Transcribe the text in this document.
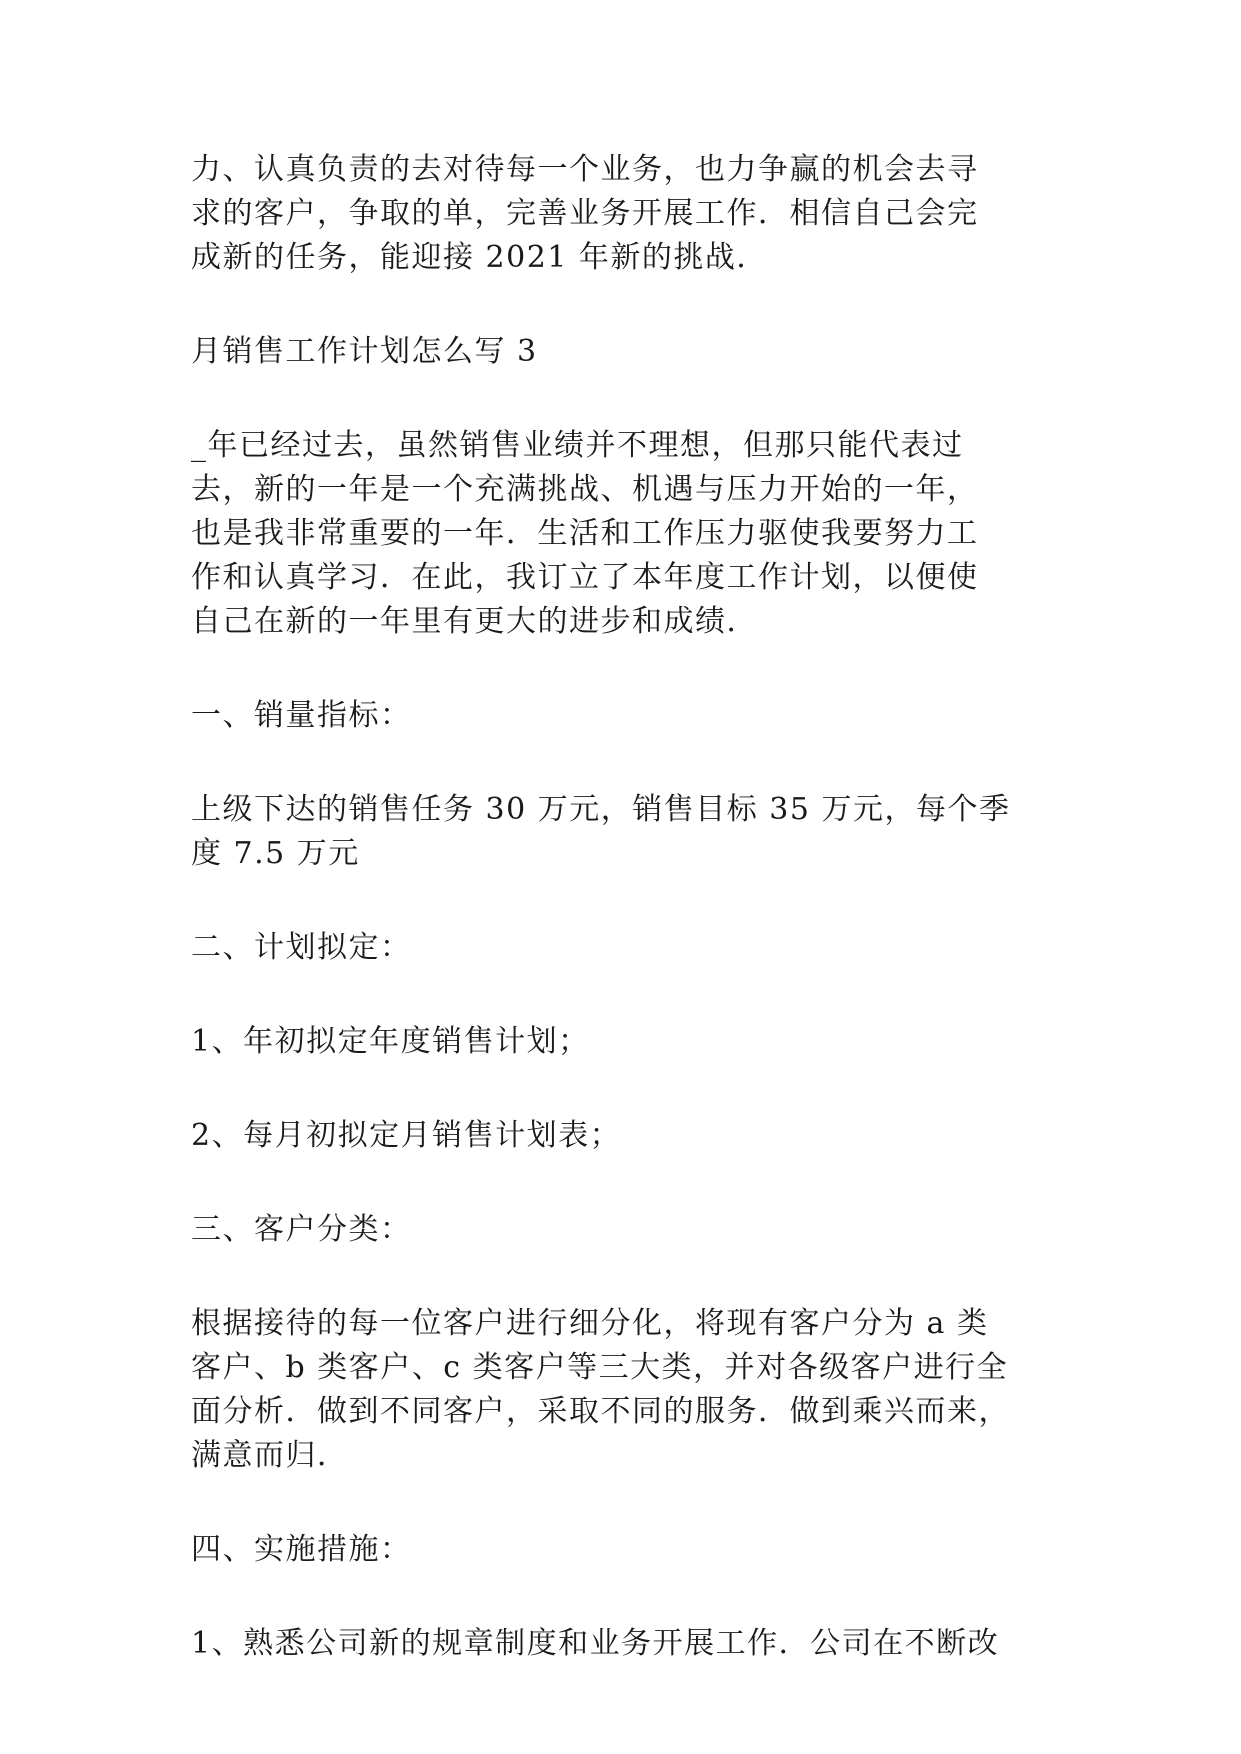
力、认真负责的去对待每一个业务，也力争赢的机会去寻
求的客户，争取的单，完善业务开展工作．相信自己会完
成新的任务，能迎接 2021 年新的挑战．

月销售工作计划怎么写 3

_年已经过去，虽然销售业绩并不理想，但那只能代表过
去，新的一年是一个充满挑战、机遇与压力开始的一年，
也是我非常重要的一年．生活和工作压力驱使我要努力工
作和认真学习．在此，我订立了本年度工作计划，以便使
自己在新的一年里有更大的进步和成绩．

一、销量指标：

上级下达的销售任务 30 万元，销售目标 35 万元，每个季
度 7.5 万元

二、计划拟定：

1、年初拟定年度销售计划；

2、每月初拟定月销售计划表；

三、客户分类：

根据接待的每一位客户进行细分化，将现有客户分为 a 类
客户、b 类客户、c 类客户等三大类，并对各级客户进行全
面分析．做到不同客户，采取不同的服务．做到乘兴而来，
满意而归．

四、实施措施：

1、熟悉公司新的规章制度和业务开展工作．公司在不断改
